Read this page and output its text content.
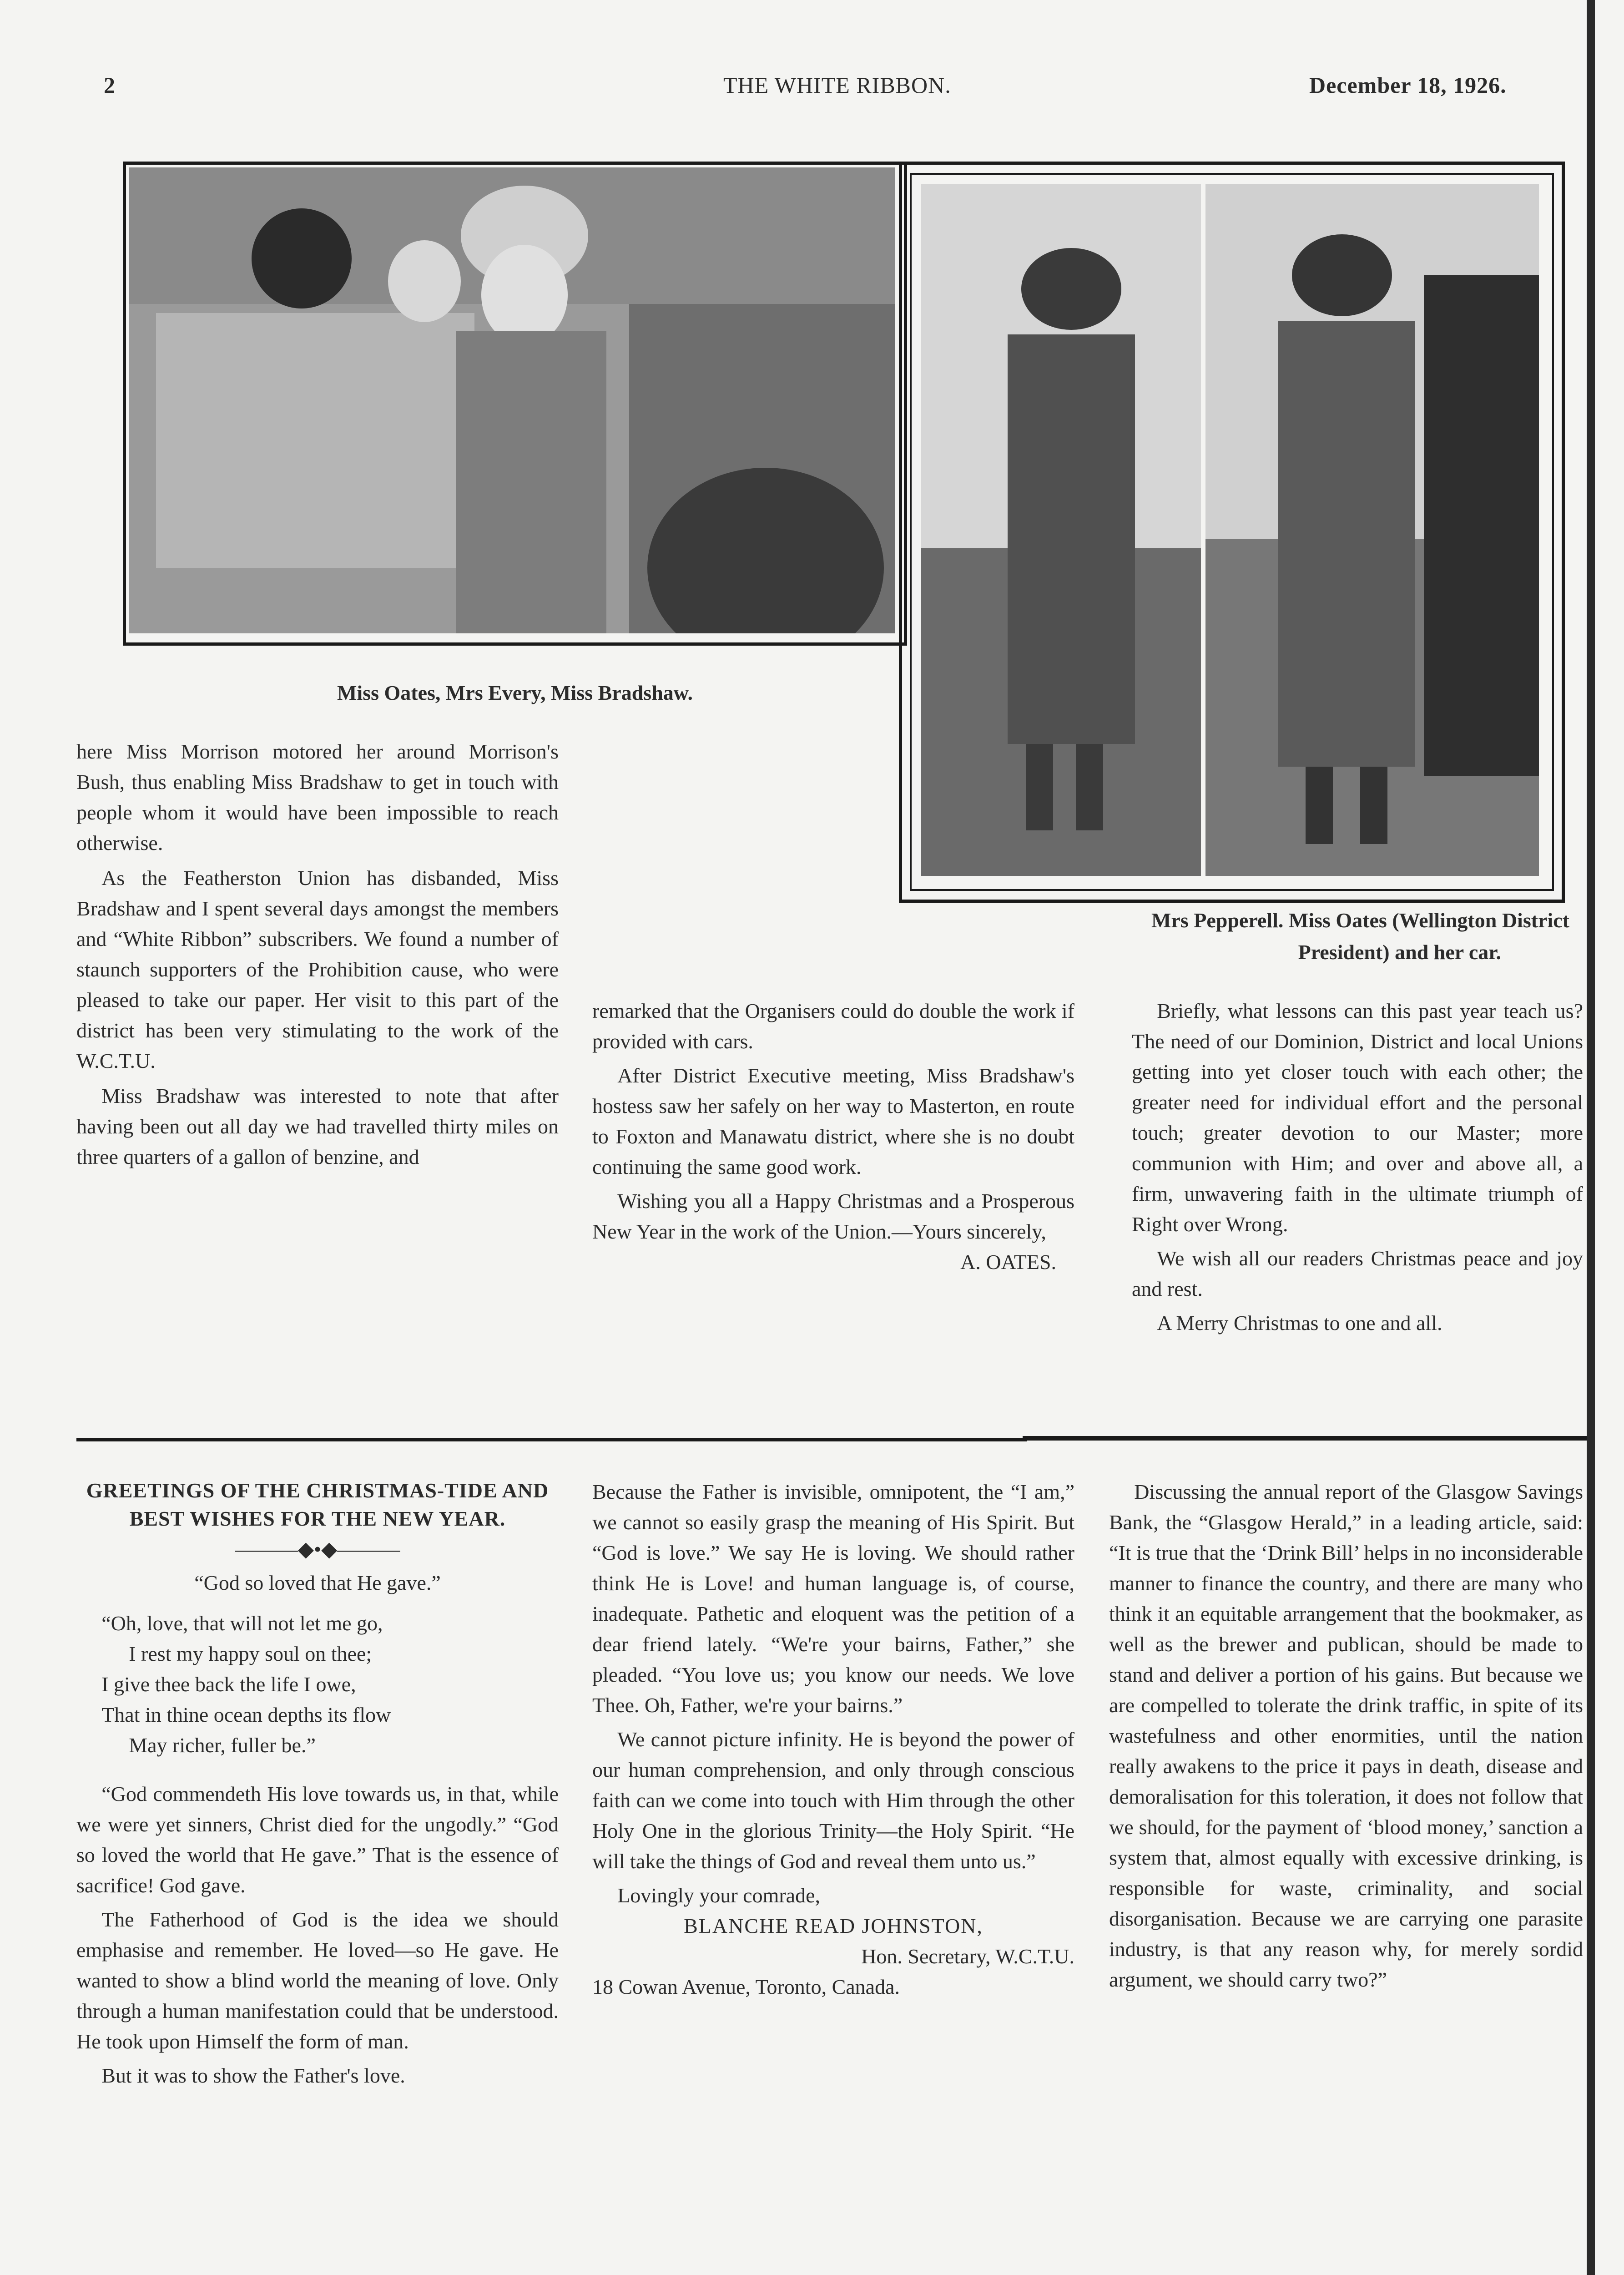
2	THE WHITE RIBBON.	December 18, 1926.
Miss Oates, Mrs Every, Miss Bradshaw.
Mrs Pepperell. Miss Oates (Wellington District
President) and her car.

here Miss Morrison motored her around Morrison's Bush, thus enabling Miss Bradshaw to get in touch with people whom it would have been impossible to reach otherwise.

As the Featherston Union has disbanded, Miss Bradshaw and I spent several days amongst the members and “White Ribbon” subscribers. We found a number of staunch supporters of the Prohibition cause, who were pleased to take our paper. Her visit to this part of the district has been very stimulating to the work of the W.C.T.U.

Miss Bradshaw was interested to note that after having been out all day we had travelled thirty miles on three quarters of a gallon of benzine, and

remarked that the Organisers could do double the work if provided with cars.

After District Executive meeting, Miss Bradshaw's hostess saw her safely on her way to Masterton, en route to Foxton and Manawatu district, where she is no doubt continuing the same good work.

Wishing you all a Happy Christmas and a Prosperous New Year in the work of the Union.—Yours sincerely,

A. OATES.

Briefly, what lessons can this past year teach us? The need of our Dominion, District and local Unions getting into yet closer touch with each other; the greater need for individual effort and the personal touch; greater devotion to our Master; more communion with Him; and over and above all, a firm, unwavering faith in the ultimate triumph of Right over Wrong.

We wish all our readers Christmas peace and joy and rest.

A Merry Christmas to one and all.

GREETINGS OF THE CHRISTMAS-TIDE AND BEST WISHES FOR THE NEW YEAR.
———◆•◆———

“God so loved that He gave.”

“Oh, love, that will not let me go,

I rest my happy soul on thee;

I give thee back the life I owe,

That in thine ocean depths its flow

May richer, fuller be.”

“God commendeth His love towards us, in that, while we were yet sinners, Christ died for the ungodly.” “God so loved the world that He gave.” That is the essence of sacrifice! God gave.

The Fatherhood of God is the idea we should emphasise and remember. He loved—so He gave. He wanted to show a blind world the meaning of love. Only through a human manifestation could that be understood. He took upon Himself the form of man.

But it was to show the Father's love.

Because the Father is invisible, omnipotent, the “I am,” we cannot so easily grasp the meaning of His Spirit. But “God is love.” We say He is loving. We should rather think He is Love! and human language is, of course, inadequate. Pathetic and eloquent was the petition of a dear friend lately. “We're your bairns, Father,” she pleaded. “You love us; you know our needs. We love Thee. Oh, Father, we're your bairns.”

We cannot picture infinity. He is beyond the power of our human comprehension, and only through conscious faith can we come into touch with Him through the other Holy One in the glorious Trinity—the Holy Spirit. “He will take the things of God and reveal them unto us.”

Lovingly your comrade,

BLANCHE READ JOHNSTON,

Hon. Secretary, W.C.T.U.

18 Cowan Avenue, Toronto, Canada.

Discussing the annual report of the Glasgow Savings Bank, the “Glasgow Herald,” in a leading article, said: “It is true that the ‘Drink Bill’ helps in no inconsiderable manner to finance the country, and there are many who think it an equitable arrangement that the bookmaker, as well as the brewer and publican, should be made to stand and deliver a portion of his gains. But because we are compelled to tolerate the drink traffic, in spite of its wastefulness and other enormities, until the nation really awakens to the price it pays in death, disease and demoralisation for this toleration, it does not follow that we should, for the payment of ‘blood money,’ sanction a system that, almost equally with excessive drinking, is responsible for waste, criminality, and social disorganisation. Because we are carrying one parasite industry, is that any reason why, for merely sordid argument, we should carry two?”
